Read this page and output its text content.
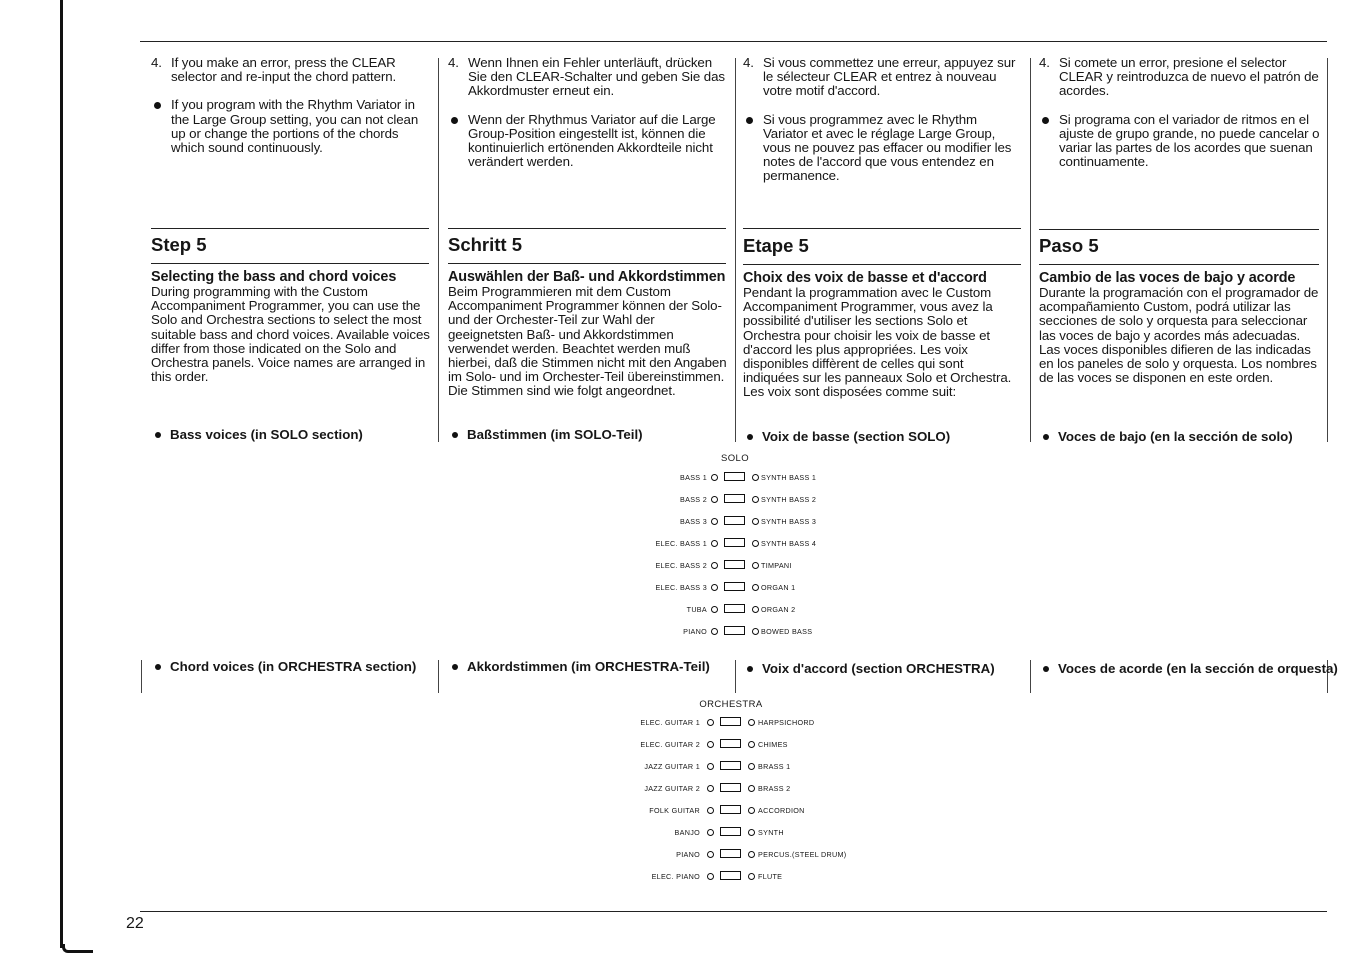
4. If you make an error, press the CLEAR selector and re-input the chord pattern.

If you program with the Rhythm Variator in the Large Group setting, you can not clean up or change the portions of the chords which sound continuously.

Step 5

Selecting the bass and chord voices

During programming with the Custom Accompaniment Programmer, you can use the Solo and Orchestra sections to select the most suitable bass and chord voices. Available voices differ from those indicated on the Solo and Orchestra panels. Voice names are arranged in this order.

Bass voices (in SOLO section)
Chord voices (in ORCHESTRA section)

4. Wenn Ihnen ein Fehler unterläuft, drücken Sie den CLEAR-Schalter und geben Sie das Akkordmuster erneut ein.

Wenn der Rhythmus Variator auf die Large Group-Position eingestellt ist, können die kontinuierlich ertönenden Akkordteile nicht verändert werden.

Schritt 5

Auswählen der Baß- und Akkordstimmen

Beim Programmieren mit dem Custom Accompaniment Programmer können der Solo- und der Orchester-Teil zur Wahl der geeignetsten Baß- und Akkordstimmen verwendet werden. Beachtet werden muß hierbei, daß die Stimmen nicht mit den Angaben im Solo- und im Orchester-Teil übereinstimmen. Die Stimmen sind wie folgt angeordnet.

Baßstimmen (im SOLO-Teil)
Akkordstimmen (im ORCHESTRA-Teil)

4. Si vous commettez une erreur, appuyez sur le sélecteur CLEAR et entrez à nouveau votre motif d'accord.

Si vous programmez avec le Rhythm Variator et avec le réglage Large Group, vous ne pouvez pas effacer ou modifier les notes de l'accord que vous entendez en permanence.

Etape 5

Choix des voix de basse et d'accord

Pendant la programmation avec le Custom Accompaniment Programmer, vous avez la possibilité d'utiliser les sections Solo et Orchestra pour choisir les voix de basse et d'accord les plus appropriées. Les voix disponibles diffèrent de celles qui sont indiquées sur les panneaux Solo et Orchestra. Les voix sont disposées comme suit:

Voix de basse (section SOLO)
Voix d'accord (section ORCHESTRA)

4. Si comete un error, presione el selector CLEAR y reintroduzca de nuevo el patrón de acordes.

Si programa con el variador de ritmos en el ajuste de grupo grande, no puede cancelar o variar las partes de los acordes que suenan continuamente.

Paso 5

Cambio de las voces de bajo y acorde

Durante la programación con el programador de acompañamiento Custom, podrá utilizar las secciones de solo y orquesta para seleccionar las voces de bajo y acordes más adecuadas. Las voces disponibles difieren de las indicadas en los paneles de solo y orquesta. Los nombres de las voces se disponen en este orden.

Voces de bajo (en la sección de solo)
Voces de acorde (en la sección de orquesta)
SOLO
BASS 1	SYNTH BASS 1
BASS 2	SYNTH BASS 2
BASS 3	SYNTH BASS 3
ELEC. BASS 1	SYNTH BASS 4
ELEC. BASS 2	TIMPANI
ELEC. BASS 3	ORGAN 1
TUBA	ORGAN 2
PIANO	BOWED BASS
ORCHESTRA
ELEC. GUITAR 1	HARPSICHORD
ELEC. GUITAR 2	CHIMES
JAZZ GUITAR 1	BRASS 1
JAZZ GUITAR 2	BRASS 2
FOLK GUITAR	ACCORDION
BANJO	SYNTH
PIANO	PERCUS.(STEEL DRUM)
ELEC. PIANO	FLUTE
22
